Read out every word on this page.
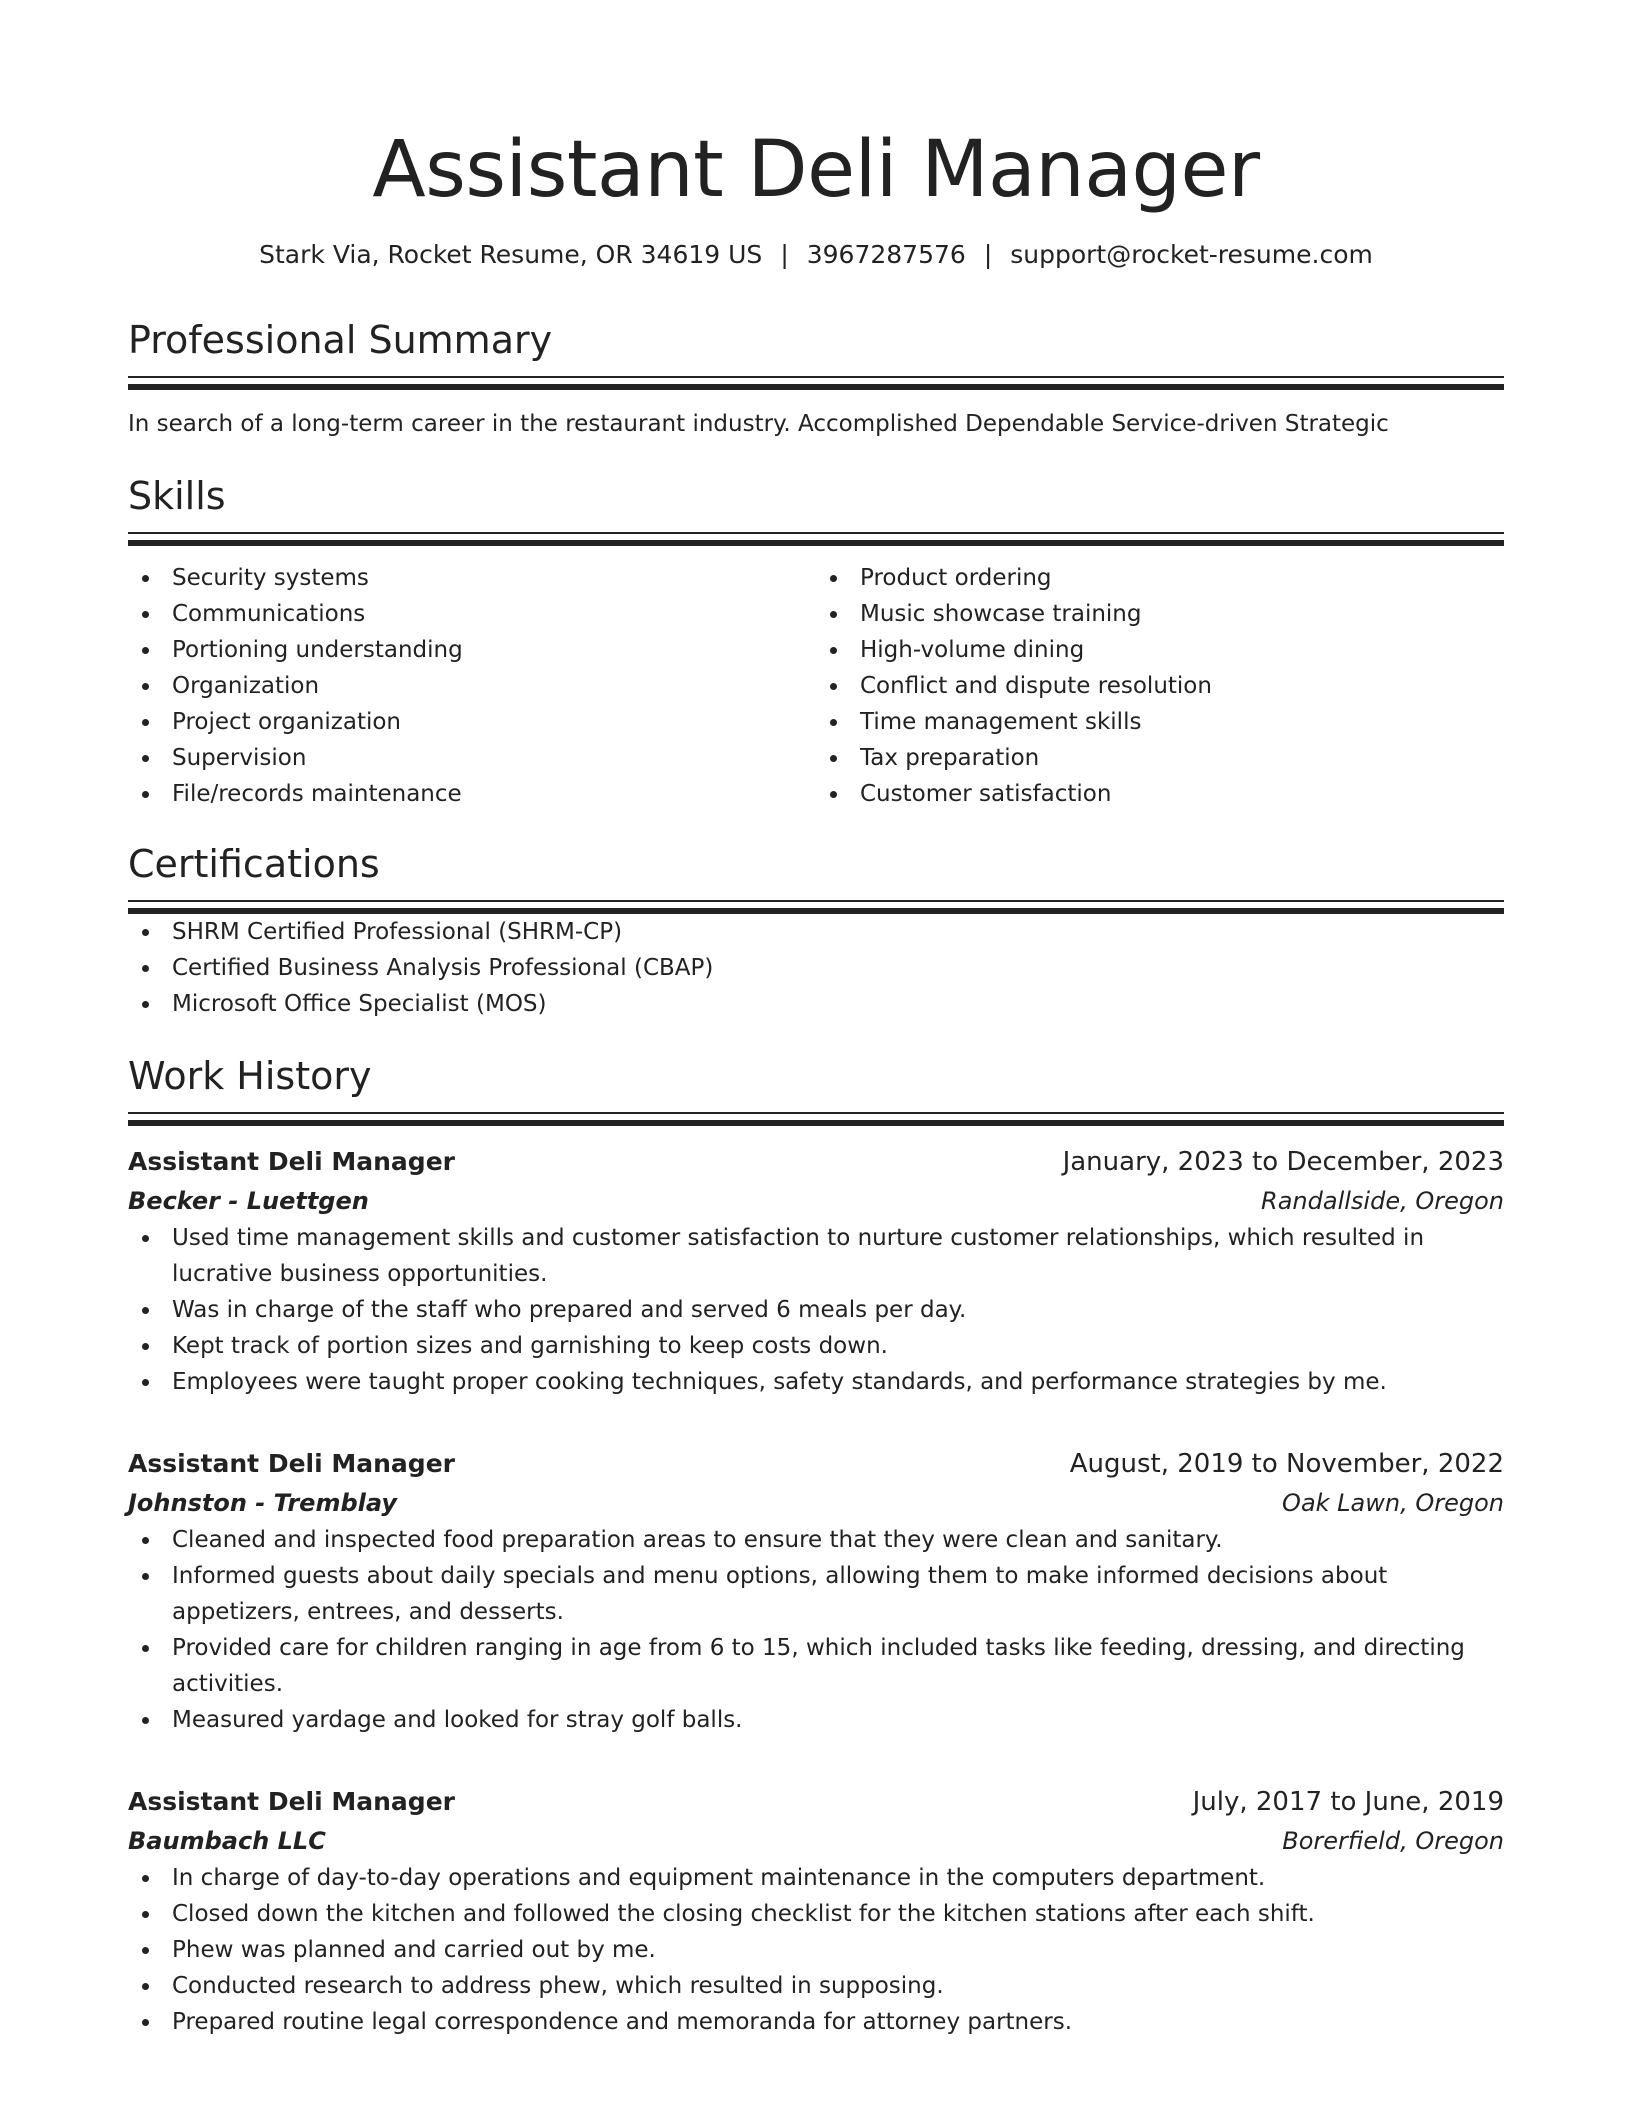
Assistant Deli Manager
Stark Via, Rocket Resume, OR 34619 US | 3967287576 | support@rocket-resume.com
Professional Summary
In search of a long-term career in the restaurant industry. Accomplished Dependable Service-driven Strategic
Skills
Security systems
Communications
Portioning understanding
Organization
Project organization
Supervision
File/records maintenance
Product ordering
Music showcase training
High-volume dining
Conflict and dispute resolution
Time management skills
Tax preparation
Customer satisfaction
Certifications
SHRM Certified Professional (SHRM-CP)
Certified Business Analysis Professional (CBAP)
Microsoft Office Specialist (MOS)
Work History
Assistant Deli Manager	January, 2023 to December, 2023
Becker - Luettgen	Randallside, Oregon
Used time management skills and customer satisfaction to nurture customer relationships, which resulted in lucrative business opportunities.
Was in charge of the staff who prepared and served 6 meals per day.
Kept track of portion sizes and garnishing to keep costs down.
Employees were taught proper cooking techniques, safety standards, and performance strategies by me.
Assistant Deli Manager	August, 2019 to November, 2022
Johnston - Tremblay	Oak Lawn, Oregon
Cleaned and inspected food preparation areas to ensure that they were clean and sanitary.
Informed guests about daily specials and menu options, allowing them to make informed decisions about appetizers, entrees, and desserts.
Provided care for children ranging in age from 6 to 15, which included tasks like feeding, dressing, and directing activities.
Measured yardage and looked for stray golf balls.
Assistant Deli Manager	July, 2017 to June, 2019
Baumbach LLC	Borerfield, Oregon
In charge of day-to-day operations and equipment maintenance in the computers department.
Closed down the kitchen and followed the closing checklist for the kitchen stations after each shift.
Phew was planned and carried out by me.
Conducted research to address phew, which resulted in supposing.
Prepared routine legal correspondence and memoranda for attorney partners.
